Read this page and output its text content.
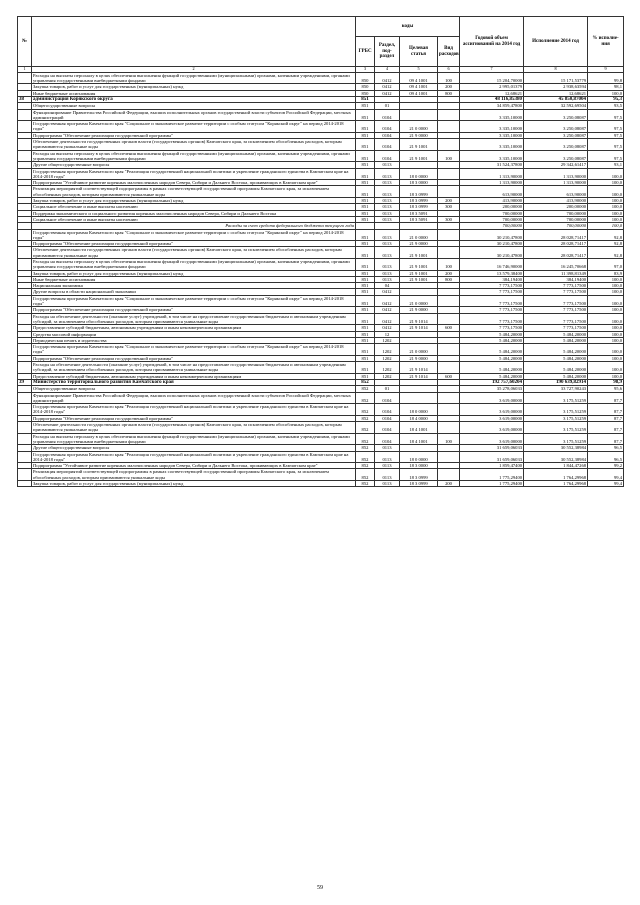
№		коды				Годовой объем ассигнований на 2014 год	Исполнение 2014 год	% исполне-ния
		ГРБС	Раздел, под-раздел	Целевая статья	Вид расходов			
1	2	3	4	5	6	7	8	9
	Расходы на выплаты персоналу в целях обеспечения выполнения функций государственными (муниципальными) органами, казенными учреждениями, органами управления государственными внебюджетными фондами	850	0412	09 4 1001	100	15 204,70000	15 171,53779	99,8
	Закупка товаров, работ и услуг для государственных (муниципальных) нужд	850	0412	09 4 1001	200	2 995,01379	2 938,63594	98,1
	Иные бюджетные ассигнования	850	0412	09 4 1001	800	12,68621	12,68621	100,0
38	администрация Корякского округа	851				48 116,85380	45 850,87004	95,3
	Общегосударственные вопросы	851	01			34 859,47800	32 592,69504	93,5
	Функционирование Правительства Российской Федерации, высших исполнительных органов государственной власти субъектов Российской Федерации, местных администраций	851	0104			3 335,10000	3 250,08087	97,5
	Государственная программа Камчатского края "Социальное и экономическое развитие территории с особым статусом "Корякский округ" на период 2014-2018 годы"	851	0104	21 0 0000		3 335,10000	3 250,08087	97,5
	Подпрограмма "Обеспечение реализации государственной программы"	851	0104	21 9 0000		3 335,10000	3 250,08087	97,5
	Обеспечение деятельности государственных органов власти (государственных органов) Камчатского края, за исключением обособленных расходов, которым присваиваются уникальные коды	851	0104	21 9 1001		3 335,10000	3 250,08087	97,5
	Расходы на выплаты персоналу в целях обеспечения выполнения функций государственными (муниципальными) органами, казенными учреждениями, органами управления государственными внебюджетными фондами	851	0104	21 9 1001	100	3 335,10000	3 250,08087	97,5
	Другие общегосударственные вопросы	851	0113			31 524,37800	29 342,61417	93,1
	Государственная программа Камчатского края "Реализация государственной национальной политики и укрепление гражданского единства в Камчатском крае на 2014-2018 годы"	851	0113	18 0 0000		1 313,90000	1 313,90000	100,0
	Подпрограмма "Устойчивое развитие коренных малочисленных народов Севера, Сибири и Дальнего Востока, проживающих в Камчатском крае"	851	0113	18 3 0000		1 313,90000	1 313,90000	100,0
	Реализация мероприятий соответствующей подпрограммы в рамках соответствующей государственной программы Камчатского края, за исключением обособленных расходов, которым присваиваются уникальные коды	851	0113	18 3 0999		613,90000	613,90000	100,0
	Закупка товаров, работ и услуг для государственных (муниципальных) нужд	851	0113	18 3 0999	200	413,90000	413,90000	100,0
	Социальное обеспечение и иные выплаты населению	851	0113	18 3 0999	300	200,00000	200,00000	100,0
	Поддержка экономического и социального развития коренных малочисленных народов Севера, Сибири и Дальнего Востока	851	0113	18 3 5091		700,00000	700,00000	100,0
	Социальное обеспечение и иные выплаты населению	851	0113	18 3 5091	300	700,00000	700,00000	100,0
	Расходы за счет средств федерального бюджета текущего года					700,00000	700,00000	100,0
	Государственная программа Камчатского края "Социальное и экономическое развитие территории с особым статусом "Корякский округ" на период 2014-2018 годы"	851	0113	21 0 0000		30 210,47800	28 028,71417	92,8
	Подпрограмма "Обеспечение реализации государственной программы"	851	0113	21 9 0000		30 210,47800	28 028,71417	92,8
	Обеспечение деятельности государственных органов власти (государственных органов) Камчатского края, за исключением обособленных расходов, которым присваиваются уникальные коды	851	0113	21 9 1001		30 210,47800	28 028,71417	92,8
	Расходы на выплаты персоналу в целях обеспечения выполнения функций государственными (муниципальными) органами, казенными учреждениями, органами управления государственными внебюджетными фондами	851	0113	21 9 1001	100	16 746,90000	16 245,70668	97,0
	Закупка товаров, работ и услуг для государственных (муниципальных) нужд	851	0113	21 9 1001	200	13 579,38400	11 398,81349	83,9
	Иные бюджетные ассигнования	851	0113	21 9 1001	800	384,19400	384,19400	100,0
	Национальная экономика	851	04			7 773,17500	7 773,17500	100,0
	Другие вопросы в области национальной экономики	851	0412			7 773,17500	7 773,17500	100,0
	Государственная программа Камчатского края "Социальное и экономическое развитие территории с особым статусом "Корякский округ" на период 2014-2018 годы"	851	0412	21 0 0000		7 773,17500	7 773,17500	100,0
	Подпрограмма "Обеспечение реализации государственной программы"	851	0412	21 9 0000		7 773,17500	7 773,17500	100,0
	Расходы на обеспечение деятельности (оказание услуг) учреждений, в том числе на предоставление государственным бюджетным и автономным учреждениям субсидий, за исключением обособленных расходов, которым присваиваются уникальные коды	851	0412	21 9 1014		7 773,17500	7 773,17500	100,0
	Предоставление субсидий бюджетным, автономным учреждениям и иным некоммерческим организациям	851	0412	21 9 1014	600	7 773,17500	7 773,17500	100,0
	Средства массовой информации	851	12			5 484,20000	5 484,20000	100,0
	Периодическая печать и издательства	851	1202			5 484,20000	5 484,20000	100,0
	Государственная программа Камчатского края "Социальное и экономическое развитие территории с особым статусом "Корякский округ" на период 2014-2018 годы"	851	1202	21 0 0000		5 484,20000	5 484,20000	100,0
	Подпрограмма "Обеспечение реализации государственной программы"	851	1202	21 9 0000		5 484,20000	5 484,20000	100,0
	Расходы на обеспечение деятельности (оказание услуг) учреждений, в том числе на предоставление государственным бюджетным и автономным учреждениям субсидий, за исключением обособленных расходов, которым присваиваются уникальные коды	851	1202	21 9 1014		5 484,20000	5 484,20000	100,0
	Предоставление субсидий бюджетным, автономным учреждениям и иным некоммерческим организациям	851	1202	21 9 1014	600	5 484,20000	5 484,20000	100,0
39	Министерство территориального развития Камчатского края	852				192 757,60204	190 639,82914	98,9
	Общегосударственные вопросы	852	01			35 278,06033	33 727,90243	95,6
	Функционирование Правительства Российской Федерации, высших исполнительных органов государственной власти субъектов Российской Федерации, местных администраций	852	0104			3 619,00000	3 175,51259	87,7
	Государственная программа Камчатского края "Реализация государственной национальной политики и укрепление гражданского единства в Камчатском крае на 2014-2018 годы"	852	0104	18 0 0000		3 619,00000	3 175,51259	87,7
	Подпрограмма "Обеспечение реализации государственной программы"	852	0104	18 4 0000		3 619,00000	3 175,51259	87,7
	Обеспечение деятельности государственных органов власти (государственных органов) Камчатского края, за исключением обособленных расходов, которым присваиваются уникальные коды	852	0104	18 4 1001		3 619,00000	3 175,51259	87,7
	Расходы на выплаты персоналу в целях обеспечения выполнения функций государственными (муниципальными) органами, казенными учреждениями, органами управления государственными внебюджетными фондами	852	0104	18 4 1001	100	3 619,00000	3 175,51259	87,7
	Другие общегосударственные вопросы	852	0113			31 659,06033	30 552,38984	96,5
	Государственная программа Камчатского края "Реализация государственной национальной политики и укрепление гражданского единства в Камчатском крае на 2014-2018 годы"	852	0113	18 0 0000		31 659,06033	30 552,38984	96,5
	Подпрограмма "Устойчивое развитие коренных малочисленных народов Севера, Сибири и Дальнего Востока, проживающих в Камчатском крае"	852	0113	18 3 0000		1 859,47400	1 844,47268	99,2
	Реализация мероприятий соответствующей подпрограммы в рамках соответствующей государственной программы Камчатского края, за исключением обособленных расходов, которым присваиваются уникальные коды	852	0113	18 3 0999		1 775,29400	1 764,29968	99,4
	Закупка товаров, работ и услуг для государственных (муниципальных) нужд	852	0113	18 3 0999	200	1 775,29400	1 764,29968	99,4
59
